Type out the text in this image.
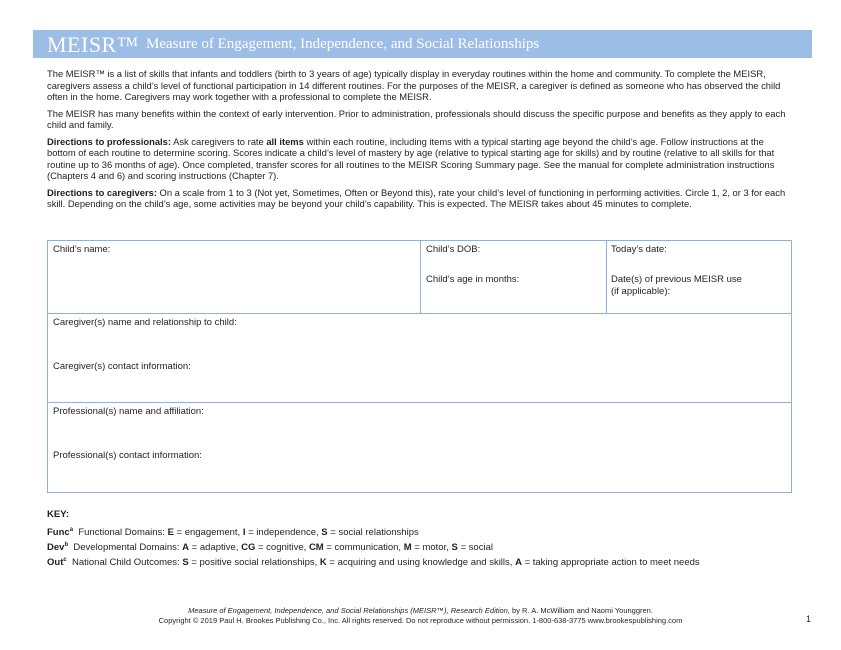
MEISR™ Measure of Engagement, Independence, and Social Relationships

The MEISR™ is a list of skills that infants and toddlers (birth to 3 years of age) typically display in everyday routines within the home and community. To complete the MEISR, caregivers assess a child’s level of functional participation in 14 different routines. For the purposes of the MEISR, a caregiver is defined as someone who has observed the child often in the home. Caregivers may work together with a professional to complete the MEISR.

The MEISR has many benefits within the context of early intervention. Prior to administration, professionals should discuss the specific purpose and benefits as they apply to each child and family.

Directions to professionals: Ask caregivers to rate all items within each routine, including items with a typical starting age beyond the child’s age. Follow instructions at the bottom of each routine to determine scoring. Scores indicate a child’s level of mastery by age (relative to typical starting age for skills) and by routine (relative to all skills for that routine up to 36 months of age). Once completed, transfer scores for all routines to the MEISR Scoring Summary page. See the manual for complete administration instructions (Chapters 4 and 6) and scoring instructions (Chapter 7).

Directions to caregivers: On a scale from 1 to 3 (Not yet, Sometimes, Often or Beyond this), rate your child’s level of functioning in performing activities. Circle 1, 2, or 3 for each skill. Depending on the child’s age, some activities may be beyond your child’s capability. This is expected. The MEISR takes about 45 minutes to complete.

Child’s name:	Child’s DOB:
Child’s age in months:
Today’s date:
Date(s) of previous MEISR use
(if applicable):
Caregiver(s) name and relationship to child:
Caregiver(s) contact information:
Professional(s) name and affiliation:
Professional(s) contact information:
KEY:
Func$^a$ Functional Domains: E = engagement, I = independence, S = social relationships
Dev$^b$ Developmental Domains: A = adaptive, CG = cognitive, CM = communication, M = motor, S = social
Out$^c$ National Child Outcomes: S = positive social relationships, K = acquiring and using knowledge and skills, A = taking appropriate action to meet needs
Measure of Engagement, Independence, and Social Relationships (MEISR™), Research Edition, by R. A. McWilliam and Naomi Younggren.
Copyright © 2019 Paul H. Brookes Publishing Co., Inc. All rights reserved. Do not reproduce without permission. 1-800-638-3775 www.brookespublishing.com	1
